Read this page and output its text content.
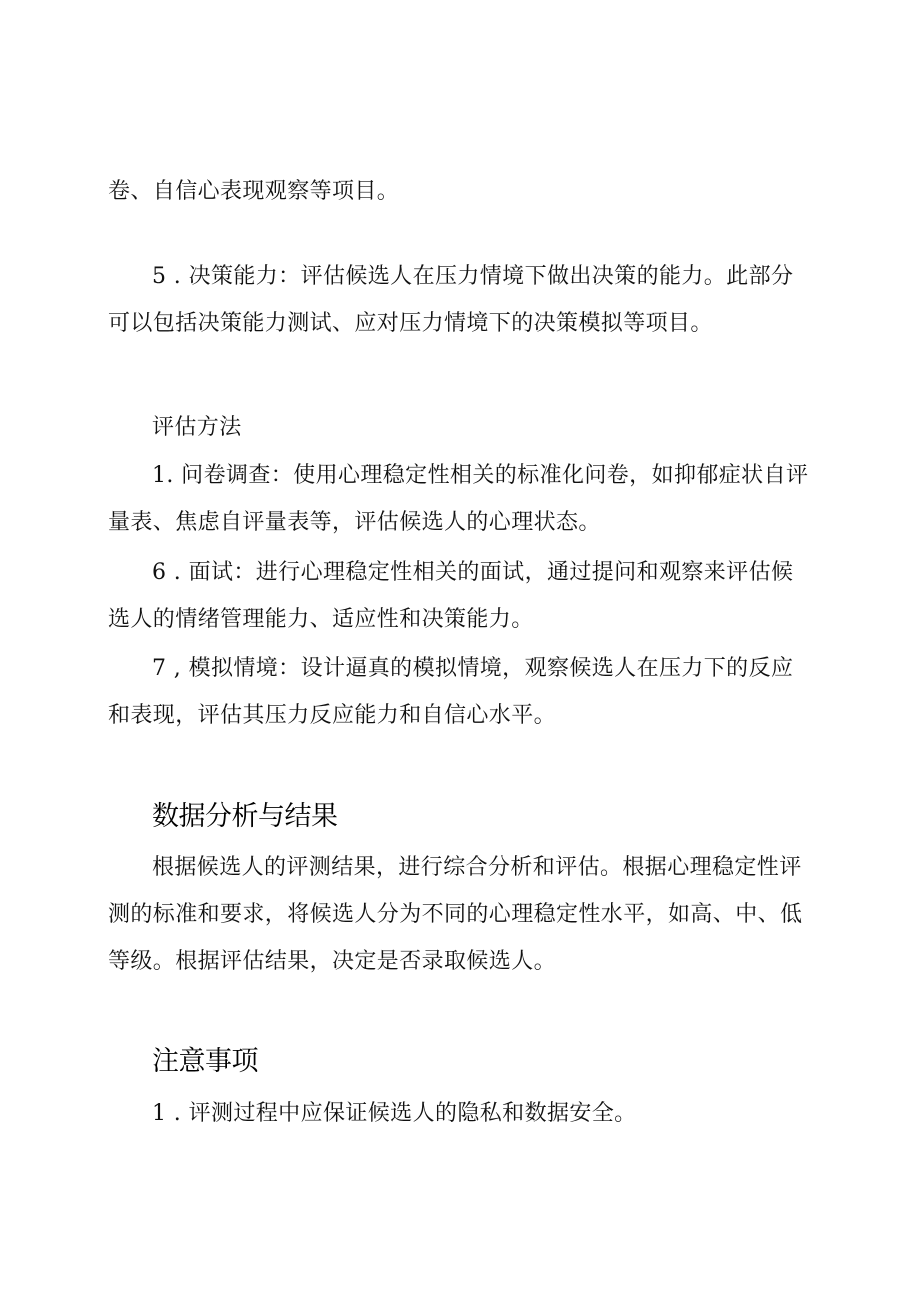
卷、自信心表现观察等项目。

5 . 决策能力：评估候选人在压力情境下做出决策的能力。此部分
可以包括决策能力测试、应对压力情境下的决策模拟等项目。

评估方法

1. 问卷调查：使用心理稳定性相关的标准化问卷，如抑郁症状自评
量表、焦虑自评量表等，评估候选人的心理状态。

6 . 面试：进行心理稳定性相关的面试，通过提问和观察来评估候
选人的情绪管理能力、适应性和决策能力。

7 , 模拟情境：设计逼真的模拟情境，观察候选人在压力下的反应
和表现，评估其压力反应能力和自信心水平。

数据分析与结果

根据候选人的评测结果，进行综合分析和评估。根据心理稳定性评
测的标准和要求，将候选人分为不同的心理稳定性水平，如高、中、低
等级。根据评估结果，决定是否录取候选人。

注意事项

1 . 评测过程中应保证候选人的隐私和数据安全。
